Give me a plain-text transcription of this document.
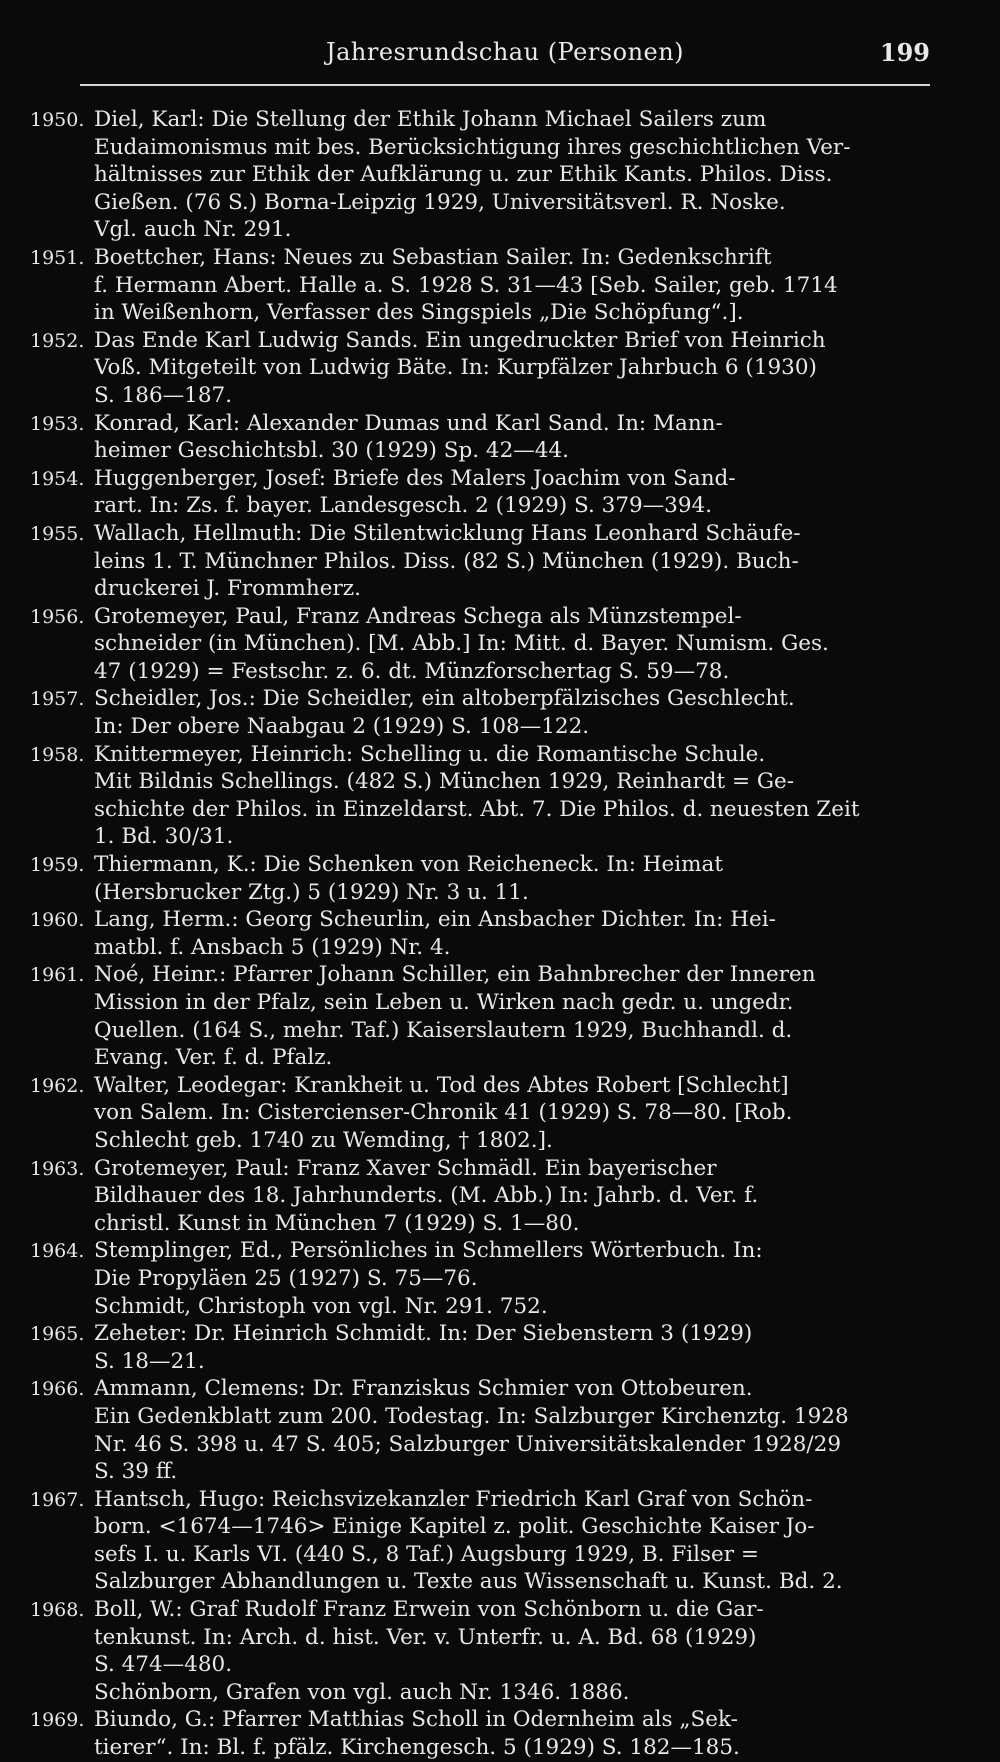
Jahresrundschau (Personen)	199
1950. Diel, Karl: Die Stellung der Ethik Johann Michael Sailers zum
Eudaimonismus mit bes. Berücksichtigung ihres geschichtlichen Ver-
hältnisses zur Ethik der Aufklärung u. zur Ethik Kants. Philos. Diss.
Gießen. (76 S.) Borna-Leipzig 1929, Universitätsverl. R. Noske.
Vgl. auch Nr. 291.
1951. Boettcher, Hans: Neues zu Sebastian Sailer. In: Gedenkschrift
f. Hermann Abert. Halle a. S. 1928 S. 31—43 [Seb. Sailer, geb. 1714
in Weißenhorn, Verfasser des Singspiels „Die Schöpfung“.].
1952. Das Ende Karl Ludwig Sands. Ein ungedruckter Brief von Heinrich
Voß. Mitgeteilt von Ludwig Bäte. In: Kurpfälzer Jahrbuch 6 (1930)
S. 186—187.
1953. Konrad, Karl: Alexander Dumas und Karl Sand. In: Mann-
heimer Geschichtsbl. 30 (1929) Sp. 42—44.
1954. Huggenberger, Josef: Briefe des Malers Joachim von Sand-
rart. In: Zs. f. bayer. Landesgesch. 2 (1929) S. 379—394.
1955. Wallach, Hellmuth: Die Stilentwicklung Hans Leonhard Schäufe-
leins 1. T. Münchner Philos. Diss. (82 S.) München (1929). Buch-
druckerei J. Frommherz.
1956. Grotemeyer, Paul, Franz Andreas Schega als Münzstempel-
schneider (in München). [M. Abb.] In: Mitt. d. Bayer. Numism. Ges.
47 (1929) = Festschr. z. 6. dt. Münzforschertag S. 59—78.
1957. Scheidler, Jos.: Die Scheidler, ein altoberpfälzisches Geschlecht.
In: Der obere Naabgau 2 (1929) S. 108—122.
1958. Knittermeyer, Heinrich: Schelling u. die Romantische Schule.
Mit Bildnis Schellings. (482 S.) München 1929, Reinhardt = Ge-
schichte der Philos. in Einzeldarst. Abt. 7. Die Philos. d. neuesten Zeit
1. Bd. 30/31.
1959. Thiermann, K.: Die Schenken von Reicheneck. In: Heimat
(Hersbrucker Ztg.) 5 (1929) Nr. 3 u. 11.
1960. Lang, Herm.: Georg Scheurlin, ein Ansbacher Dichter. In: Hei-
matbl. f. Ansbach 5 (1929) Nr. 4.
1961. Noé, Heinr.: Pfarrer Johann Schiller, ein Bahnbrecher der Inneren
Mission in der Pfalz, sein Leben u. Wirken nach gedr. u. ungedr.
Quellen. (164 S., mehr. Taf.) Kaiserslautern 1929, Buchhandl. d.
Evang. Ver. f. d. Pfalz.
1962. Walter, Leodegar: Krankheit u. Tod des Abtes Robert [Schlecht]
von Salem. In: Cistercienser-Chronik 41 (1929) S. 78—80. [Rob.
Schlecht geb. 1740 zu Wemding, † 1802.].
1963. Grotemeyer, Paul: Franz Xaver Schmädl. Ein bayerischer
Bildhauer des 18. Jahrhunderts. (M. Abb.) In: Jahrb. d. Ver. f.
christl. Kunst in München 7 (1929) S. 1—80.
1964. Stemplinger, Ed., Persönliches in Schmellers Wörterbuch. In:
Die Propyläen 25 (1927) S. 75—76.
Schmidt, Christoph von vgl. Nr. 291. 752.
1965. Zeheter: Dr. Heinrich Schmidt. In: Der Siebenstern 3 (1929)
S. 18—21.
1966. Ammann, Clemens: Dr. Franziskus Schmier von Ottobeuren.
Ein Gedenkblatt zum 200. Todestag. In: Salzburger Kirchenztg. 1928
Nr. 46 S. 398 u. 47 S. 405; Salzburger Universitätskalender 1928/29
S. 39 ff.
1967. Hantsch, Hugo: Reichsvizekanzler Friedrich Karl Graf von Schön-
born. <1674—1746> Einige Kapitel z. polit. Geschichte Kaiser Jo-
sefs I. u. Karls VI. (440 S., 8 Taf.) Augsburg 1929, B. Filser =
Salzburger Abhandlungen u. Texte aus Wissenschaft u. Kunst. Bd. 2.
1968. Boll, W.: Graf Rudolf Franz Erwein von Schönborn u. die Gar-
tenkunst. In: Arch. d. hist. Ver. v. Unterfr. u. A. Bd. 68 (1929)
S. 474—480.
Schönborn, Grafen von vgl. auch Nr. 1346. 1886.
1969. Biundo, G.: Pfarrer Matthias Scholl in Odernheim als „Sek-
tierer“. In: Bl. f. pfälz. Kirchengesch. 5 (1929) S. 182—185.
